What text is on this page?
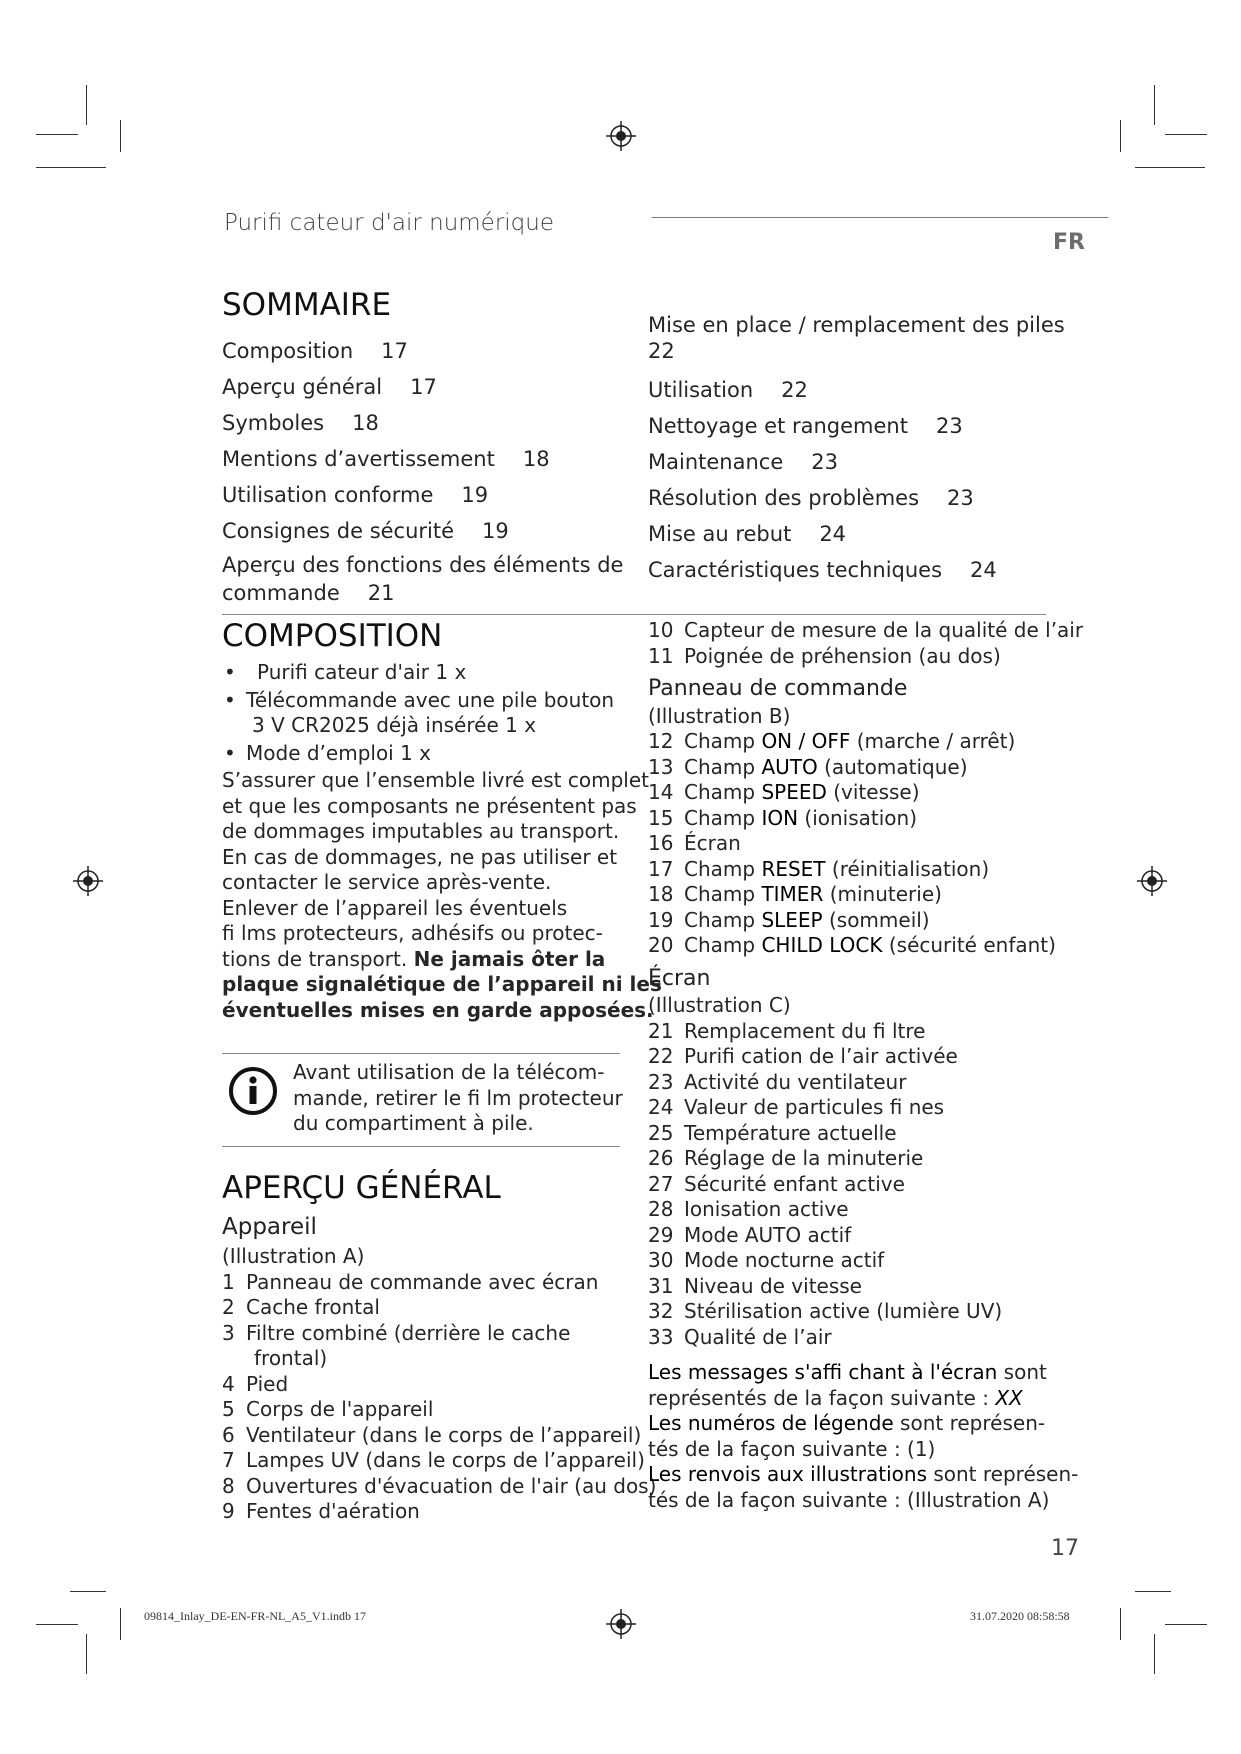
Purifi cateur d'air numérique
FR
SOMMAIRE
Composition 17
Aperçu général 17
Symboles 18
Mentions d’avertissement 18
Utilisation conforme 19
Consignes de sécurité 19
Aperçu des fonctions des éléments de
commande 21
Mise en place / remplacement des piles
22
Utilisation 22
Nettoyage et rangement 23
Maintenance 23
Résolution des problèmes 23
Mise au rebut 24
Caractéristiques techniques 24
COMPOSITION
•	Purifi cateur d'air 1 x
• Télécommande avec une pile bouton
3 V CR2025 déjà insérée 1 x
• Mode d’emploi 1 x
S’assurer que l’ensemble livré est complet
et que les composants ne présentent pas
de dommages imputables au transport.
En cas de dommages, ne pas utiliser et
contacter le service après-vente.
Enlever de l’appareil les éventuels
fi lms protecteurs, adhésifs ou protec-
tions de transport. Ne jamais ôter la
plaque signalétique de l’appareil ni les
éventuelles mises en garde apposées.
Avant utilisation de la télécom-
mande, retirer le fi lm protecteur
du compartiment à pile.
APERÇU GÉNÉRAL
Appareil
(Illustration A)
1 Panneau de commande avec écran
2 Cache frontal
3 Filtre combiné (derrière le cache
frontal)
4 Pied
5 Corps de l'appareil
6 Ventilateur (dans le corps de l’appareil)
7 Lampes UV (dans le corps de l’appareil)
8 Ouvertures d'évacuation de l'air (au dos)
9 Fentes d'aération
10 Capteur de mesure de la qualité de l’air
11 Poignée de préhension (au dos)
Panneau de commande
(Illustration B)
12 Champ ON / OFF (marche / arrêt)
13 Champ AUTO (automatique)
14 Champ SPEED (vitesse)
15 Champ ION (ionisation)
16 Écran
17 Champ RESET (réinitialisation)
18 Champ TIMER (minuterie)
19 Champ SLEEP (sommeil)
20 Champ CHILD LOCK (sécurité enfant)
Écran
(Illustration C)
21 Remplacement du fi ltre
22 Purifi cation de l’air activée
23 Activité du ventilateur
24 Valeur de particules fi nes
25 Température actuelle
26 Réglage de la minuterie
27 Sécurité enfant active
28 Ionisation active
29 Mode AUTO actif
30 Mode nocturne actif
31 Niveau de vitesse
32 Stérilisation active (lumière UV)
33 Qualité de l’air
Les messages s'affi chant à l'écran sont
représentés de la façon suivante : XX
Les numéros de légende sont représen-
tés de la façon suivante : (1)
Les renvois aux illustrations sont représen-
tés de la façon suivante : (Illustration A)
17
09814_Inlay_DE-EN-FR-NL_A5_V1.indb 17	31.07.2020 08:58:58
